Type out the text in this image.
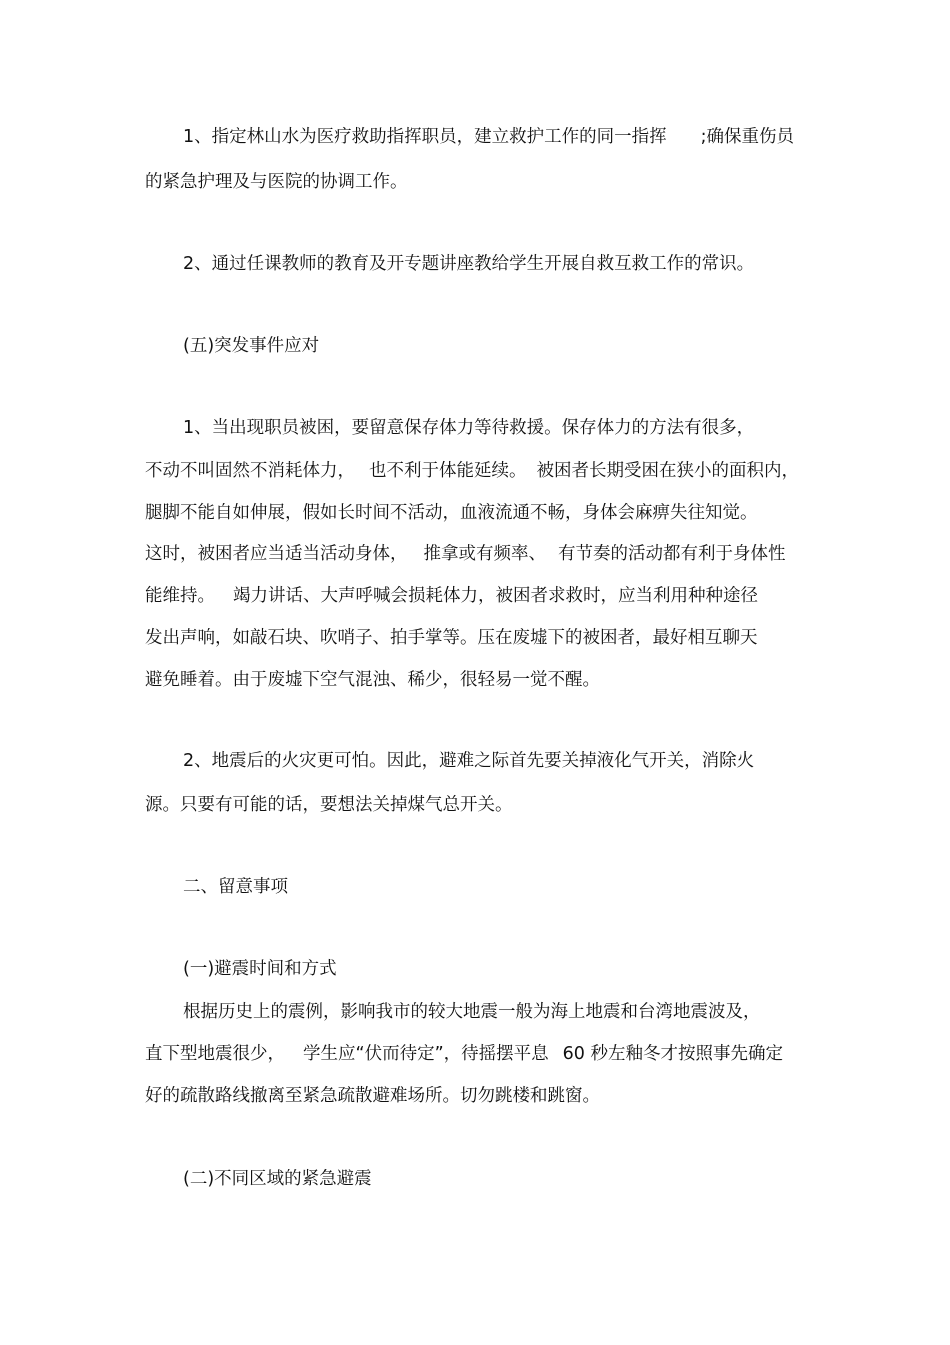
1、指定林山水为医疗救助指挥职员，建立救护工作的同一指挥 ;确保重伤员

的紧急护理及与医院的协调工作。

2、通过任课教师的教育及开专题讲座教给学生开展自救互救工作的常识。

(五)突发事件应对

1、当出现职员被困，要留意保存体力等待救援。保存体力的方法有很多，

不动不叫固然不消耗体力， 也不利于体能延续。 被困者长期受困在狭小的面积内，

腿脚不能自如伸展，假如长时间不活动，血液流通不畅，身体会麻痹失往知觉。

这时，被困者应当适当活动身体， 推拿或有频率、 有节奏的活动都有利于身体性

能维持。 竭力讲话、大声呼喊会损耗体力，被困者求救时，应当利用种种途径

发出声响，如敲石块、吹哨子、拍手掌等。压在废墟下的被困者，最好相互聊天

避免睡着。由于废墟下空气混浊、稀少，很轻易一觉不醒。

2、地震后的火灾更可怕。因此，避难之际首先要关掉液化气开关，消除火

源。只要有可能的话，要想法关掉煤气总开关。

二、留意事项

(一)避震时间和方式

根据历史上的震例，影响我市的较大地震一般为海上地震和台湾地震波及，

直下型地震很少， 学生应“伏而待定”，待摇摆平息 60 秒左釉冬才按照事先确定

好的疏散路线撤离至紧急疏散避难场所。切勿跳楼和跳窗。

(二)不同区域的紧急避震
